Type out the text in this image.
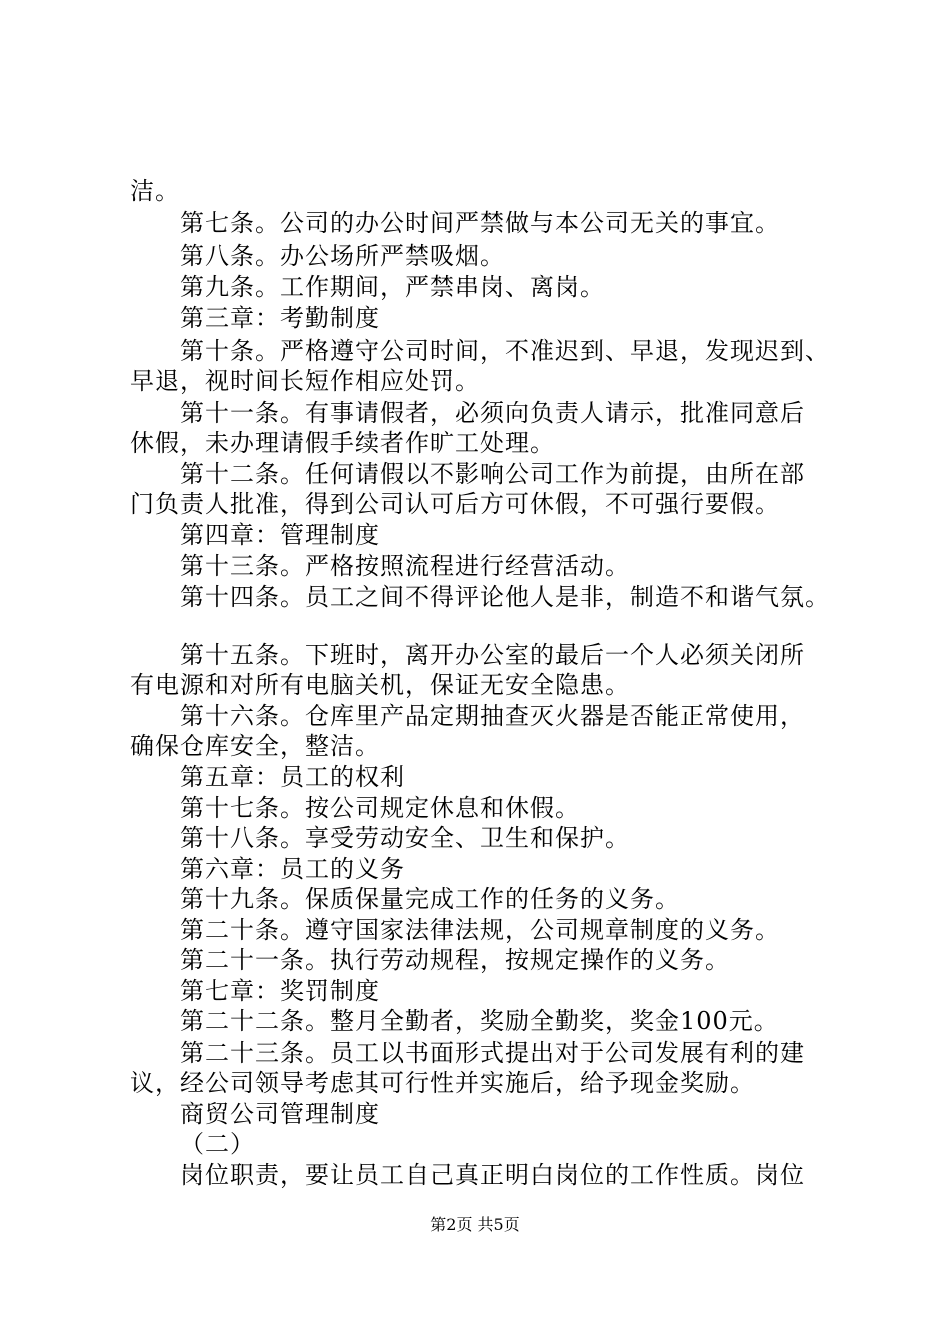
洁。
第七条。公司的办公时间严禁做与本公司无关的事宜。
第八条。办公场所严禁吸烟。
第九条。工作期间，严禁串岗、离岗。
第三章：考勤制度
第十条。严格遵守公司时间，不准迟到、早退，发现迟到、
早退，视时间长短作相应处罚。
第十一条。有事请假者，必须向负责人请示，批准同意后
休假，未办理请假手续者作旷工处理。
第十二条。任何请假以不影响公司工作为前提，由所在部
门负责人批准，得到公司认可后方可休假，不可强行要假。
第四章：管理制度
第十三条。严格按照流程进行经营活动。
第十四条。员工之间不得评论他人是非，制造不和谐气氛。
第十五条。下班时，离开办公室的最后一个人必须关闭所
有电源和对所有电脑关机，保证无安全隐患。
第十六条。仓库里产品定期抽查灭火器是否能正常使用，
确保仓库安全，整洁。
第五章：员工的权利
第十七条。按公司规定休息和休假。
第十八条。享受劳动安全、卫生和保护。
第六章：员工的义务
第十九条。保质保量完成工作的任务的义务。
第二十条。遵守国家法律法规，公司规章制度的义务。
第二十一条。执行劳动规程，按规定操作的义务。
第七章：奖罚制度
第二十二条。整月全勤者，奖励全勤奖，奖金100元。
第二十三条。员工以书面形式提出对于公司发展有利的建
议，经公司领导考虑其可行性并实施后，给予现金奖励。
商贸公司管理制度
（二）
岗位职责，要让员工自己真正明白岗位的工作性质。岗位
第2页 共5页
